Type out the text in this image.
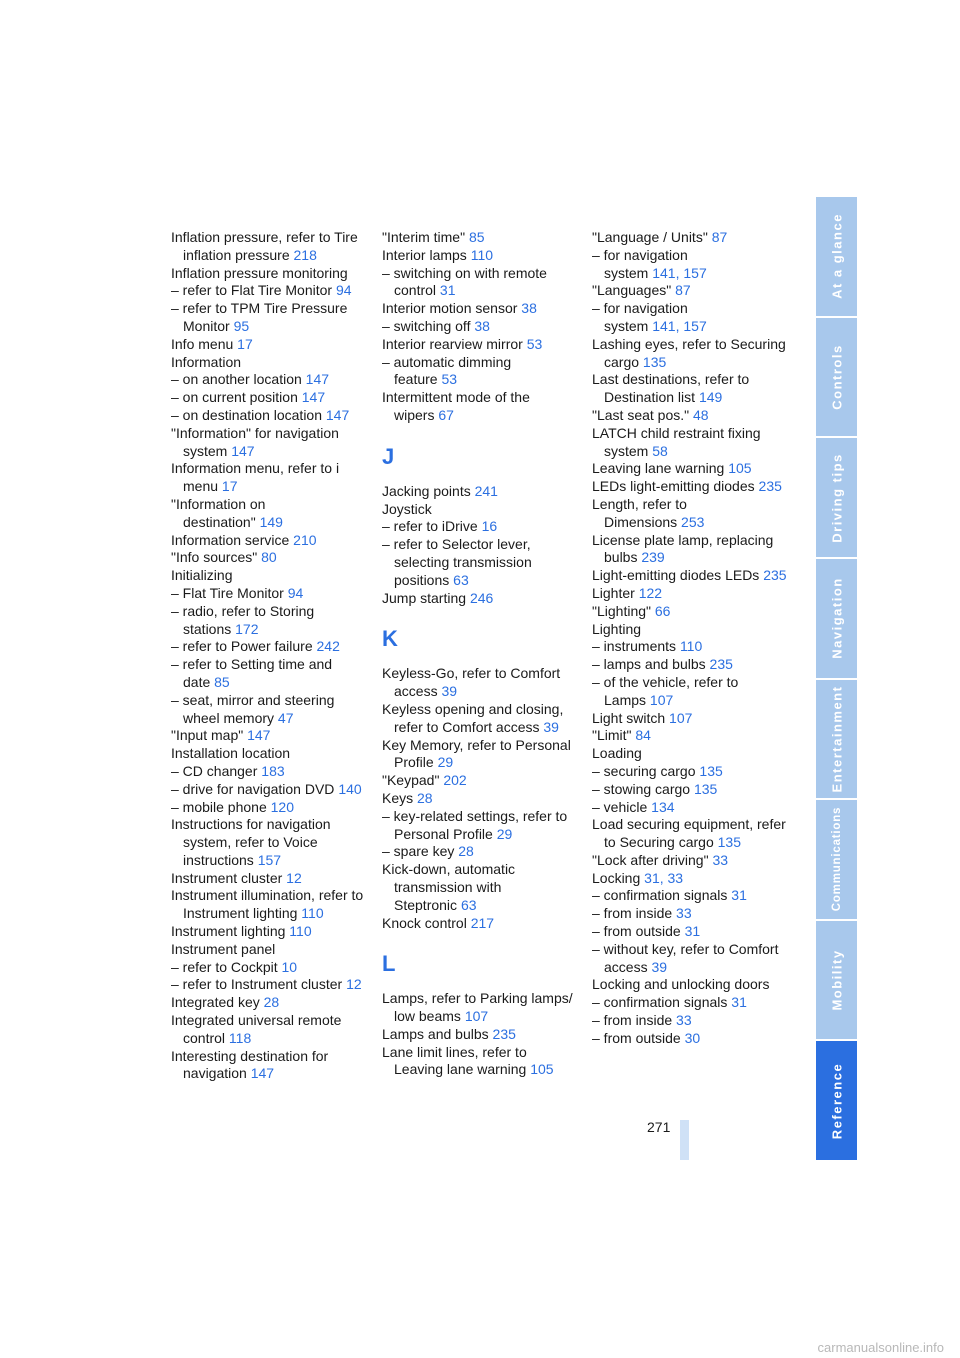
Inflation pressure, refer to Tire inflation pressure 218
Inflation pressure monitoring
– refer to Flat Tire Monitor 94
– refer to TPM Tire Pressure Monitor 95
Info menu 17
Information
– on another location 147
– on current position 147
– on destination location 147
"Information" for navigation system 147
Information menu, refer to i menu 17
"Information on destination" 149
Information service 210
"Info sources" 80
Initializing
– Flat Tire Monitor 94
– radio, refer to Storing stations 172
– refer to Power failure 242
– refer to Setting time and date 85
– seat, mirror and steering wheel memory 47
"Input map" 147
Installation location
– CD changer 183
– drive for navigation DVD 140
– mobile phone 120
Instructions for navigation system, refer to Voice instructions 157
Instrument cluster 12
Instrument illumination, refer to Instrument lighting 110
Instrument lighting 110
Instrument panel
– refer to Cockpit 10
– refer to Instrument cluster 12
Integrated key 28
Integrated universal remote control 118
Interesting destination for navigation 147
"Interim time" 85
Interior lamps 110
– switching on with remote control 31
Interior motion sensor 38
– switching off 38
Interior rearview mirror 53
– automatic dimming feature 53
Intermittent mode of the wipers 67
J
Jacking points 241
Joystick
– refer to iDrive 16
– refer to Selector lever, selecting transmission positions 63
Jump starting 246
K
Keyless-Go, refer to Comfort access 39
Keyless opening and closing, refer to Comfort access 39
Key Memory, refer to Personal Profile 29
"Keypad" 202
Keys 28
– key-related settings, refer to Personal Profile 29
– spare key 28
Kick-down, automatic transmission with Steptronic 63
Knock control 217
L
Lamps, refer to Parking lamps/ low beams 107
Lamps and bulbs 235
Lane limit lines, refer to Leaving lane warning 105
"Language / Units" 87
– for navigation system 141, 157
"Languages" 87
– for navigation system 141, 157
Lashing eyes, refer to Securing cargo 135
Last destinations, refer to Destination list 149
"Last seat pos." 48
LATCH child restraint fixing system 58
Leaving lane warning 105
LEDs light-emitting diodes 235
Length, refer to Dimensions 253
License plate lamp, replacing bulbs 239
Light-emitting diodes LEDs 235
Lighter 122
"Lighting" 66
Lighting
– instruments 110
– lamps and bulbs 235
– of the vehicle, refer to Lamps 107
Light switch 107
"Limit" 84
Loading
– securing cargo 135
– stowing cargo 135
– vehicle 134
Load securing equipment, refer to Securing cargo 135
"Lock after driving" 33
Locking 31, 33
– confirmation signals 31
– from inside 33
– from outside 31
– without key, refer to Comfort access 39
Locking and unlocking doors
– confirmation signals 31
– from inside 33
– from outside 30
At a glance
Controls
Driving tips
Navigation
Entertainment
Communications
Mobility
Reference
271
carmanualsonline.info
